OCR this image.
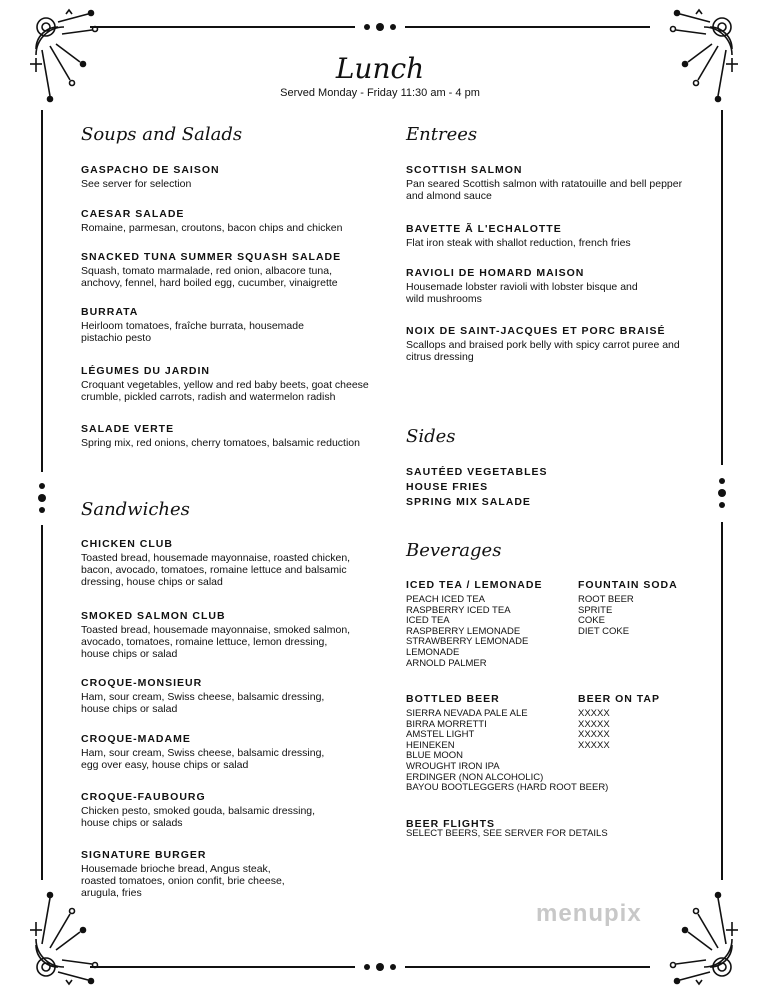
Lunch
Served Monday - Friday 11:30 am - 4 pm
Soups and Salads
GASPACHO DE SAISON
See server for selection
CAESAR SALADE
Romaine, parmesan, croutons, bacon chips and chicken
SNACKED TUNA SUMMER SQUASH SALADE
Squash, tomato marmalade, red onion, albacore tuna,
anchovy, fennel, hard boiled egg, cucumber, vinaigrette
BURRATA
Heirloom tomatoes, fraîche burrata, housemade
pistachio pesto
LÉGUMES DU JARDIN
Croquant vegetables, yellow and red baby beets, goat cheese
crumble, pickled carrots, radish and watermelon radish
SALADE VERTE
Spring mix, red onions, cherry tomatoes, balsamic reduction
Sandwiches
CHICKEN CLUB
Toasted bread, housemade mayonnaise, roasted chicken,
bacon, avocado, tomatoes, romaine lettuce and balsamic
dressing, house chips or salad
SMOKED SALMON CLUB
Toasted bread, housemade mayonnaise, smoked salmon,
avocado, tomatoes, romaine lettuce, lemon dressing,
house chips or salad
CROQUE-MONSIEUR
Ham, sour cream, Swiss cheese, balsamic dressing,
house chips or salad
CROQUE-MADAME
Ham, sour cream, Swiss cheese, balsamic dressing,
egg over easy, house chips or salad
CROQUE-FAUBOURG
Chicken pesto, smoked gouda, balsamic dressing,
house chips or salads
SIGNATURE BURGER
Housemade brioche bread, Angus steak,
roasted tomatoes, onion confit, brie cheese,
arugula, fries
Entrees
SCOTTISH SALMON
Pan seared Scottish salmon with ratatouille and bell pepper
and almond sauce
BAVETTE Ã L'ECHALOTTE
Flat iron steak with shallot reduction, french fries
RAVIOLI DE HOMARD MAISON
Housemade lobster ravioli with lobster bisque and
wild mushrooms
NOIX DE SAINT-JACQUES ET PORC BRAISÉ
Scallops and braised pork belly with spicy carrot puree and
citrus dressing
Sides
SAUTÉED VEGETABLES
HOUSE FRIES
SPRING MIX SALADE
Beverages
ICED TEA / LEMONADE
PEACH ICED TEA
RASPBERRY ICED TEA
ICED TEA
RASPBERRY LEMONADE
STRAWBERRY LEMONADE
LEMONADE
ARNOLD PALMER
FOUNTAIN SODA
ROOT BEER
SPRITE
COKE
DIET COKE
BOTTLED BEER
SIERRA NEVADA PALE ALE
BIRRA MORRETTI
AMSTEL LIGHT
HEINEKEN
BLUE MOON
WROUGHT IRON IPA
ERDINGER (NON ALCOHOLIC)
BAYOU BOOTLEGGERS (HARD ROOT BEER)
BEER ON TAP
XXXXX
XXXXX
XXXXX
XXXXX
BEER FLIGHTS
SELECT BEERS, SEE SERVER FOR DETAILS
menupix
